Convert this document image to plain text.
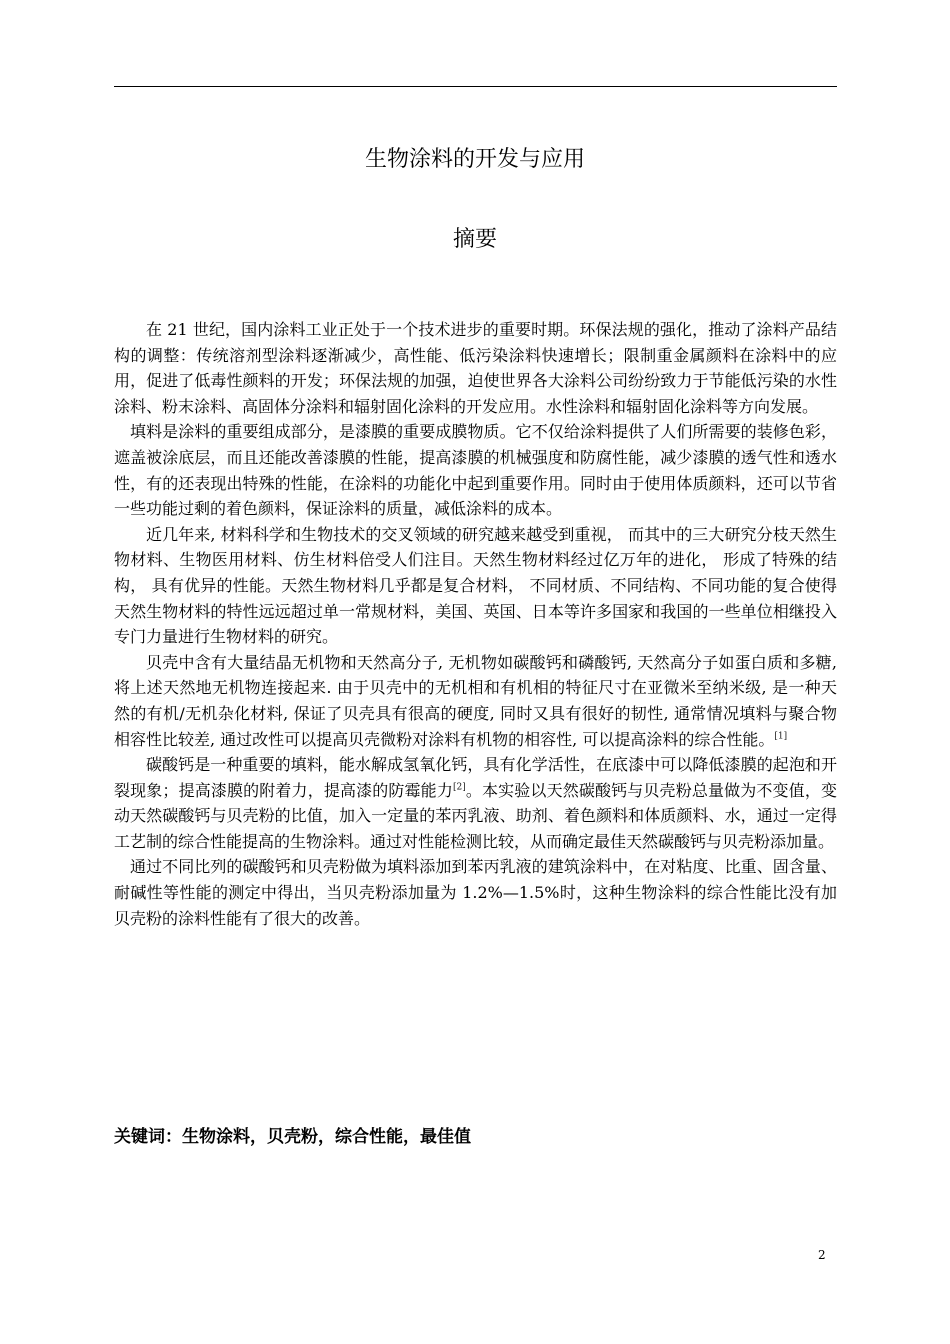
生物涂料的开发与应用
摘要

在 21 世纪，国内涂料工业正处于一个技术进步的重要时期。环保法规的强化，推动了涂料产品结构的调整：传统溶剂型涂料逐渐减少，高性能、低污染涂料快速增长；限制重金属颜料在涂料中的应用，促进了低毒性颜料的开发；环保法规的加强，迫使世界各大涂料公司纷纷致力于节能低污染的水性涂料、粉末涂料、高固体分涂料和辐射固化涂料的开发应用。水性涂料和辐射固化涂料等方向发展。

填料是涂料的重要组成部分，是漆膜的重要成膜物质。它不仅给涂料提供了人们所需要的装修色彩，遮盖被涂底层，而且还能改善漆膜的性能，提高漆膜的机械强度和防腐性能，减少漆膜的透气性和透水性，有的还表现出特殊的性能，在涂料的功能化中起到重要作用。同时由于使用体质颜料，还可以节省一些功能过剩的着色颜料，保证涂料的质量，减低涂料的成本。

近几年来, 材料科学和生物技术的交叉领域的研究越来越受到重视， 而其中的三大研究分枝天然生物材料、生物医用材料、仿生材料倍受人们注目。天然生物材料经过亿万年的进化， 形成了特殊的结构， 具有优异的性能。天然生物材料几乎都是复合材料， 不同材质、不同结构、不同功能的复合使得天然生物材料的特性远远超过单一常规材料，美国、英国、日本等许多国家和我国的一些单位相继投入专门力量进行生物材料的研究。

贝壳中含有大量结晶无机物和天然高分子, 无机物如碳酸钙和磷酸钙, 天然高分子如蛋白质和多糖, 将上述天然地无机物连接起来. 由于贝壳中的无机相和有机相的特征尺寸在亚微米至纳米级, 是一种天然的有机/无机杂化材料, 保证了贝壳具有很高的硬度, 同时又具有很好的韧性, 通常情况填料与聚合物相容性比较差, 通过改性可以提高贝壳微粉对涂料有机物的相容性, 可以提高涂料的综合性能。[1]

碳酸钙是一种重要的填料，能水解成氢氧化钙，具有化学活性，在底漆中可以降低漆膜的起泡和开裂现象；提高漆膜的附着力，提高漆的防霉能力[2]。本实验以天然碳酸钙与贝壳粉总量做为不变值，变动天然碳酸钙与贝壳粉的比值，加入一定量的苯丙乳液、助剂、着色颜料和体质颜料、水，通过一定得工艺制的综合性能提高的生物涂料。通过对性能检测比较，从而确定最佳天然碳酸钙与贝壳粉添加量。

通过不同比列的碳酸钙和贝壳粉做为填料添加到苯丙乳液的建筑涂料中，在对粘度、比重、固含量、耐碱性等性能的测定中得出，当贝壳粉添加量为 1.2%—1.5%时，这种生物涂料的综合性能比没有加贝壳粉的涂料性能有了很大的改善。

关键词：生物涂料，贝壳粉，综合性能，最佳值
2
